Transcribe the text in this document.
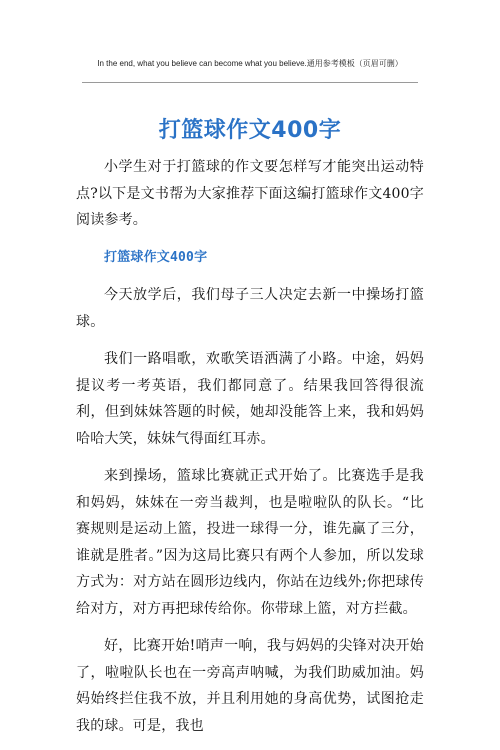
In the end, what you believe can become what you believe.通用参考模板（页眉可删）
打篮球作文400字

小学生对于打篮球的作文要怎样写才能突出运动特点?以下是文书帮为大家推荐下面这编打篮球作文400字阅读参考。

打篮球作文400字

今天放学后，我们母子三人决定去新一中操场打篮球。

我们一路唱歌，欢歌笑语洒满了小路。中途，妈妈提议考一考英语，我们都同意了。结果我回答得很流利，但到妹妹答题的时候，她却没能答上来，我和妈妈哈哈大笑，妹妹气得面红耳赤。

来到操场，篮球比赛就正式开始了。比赛选手是我和妈妈，妹妹在一旁当裁判，也是啦啦队的队长。“比赛规则是运动上篮，投进一球得一分，谁先赢了三分，谁就是胜者。”因为这局比赛只有两个人参加，所以发球方式为：对方站在圆形边线内，你站在边线外;你把球传给对方，对方再把球传给你。你带球上篮，对方拦截。

好，比赛开始!哨声一响，我与妈妈的尖锋对决开始了，啦啦队长也在一旁高声呐喊，为我们助威加油。妈妈始终拦住我不放，并且利用她的身高优势，试图抢走我的球。可是，我也
